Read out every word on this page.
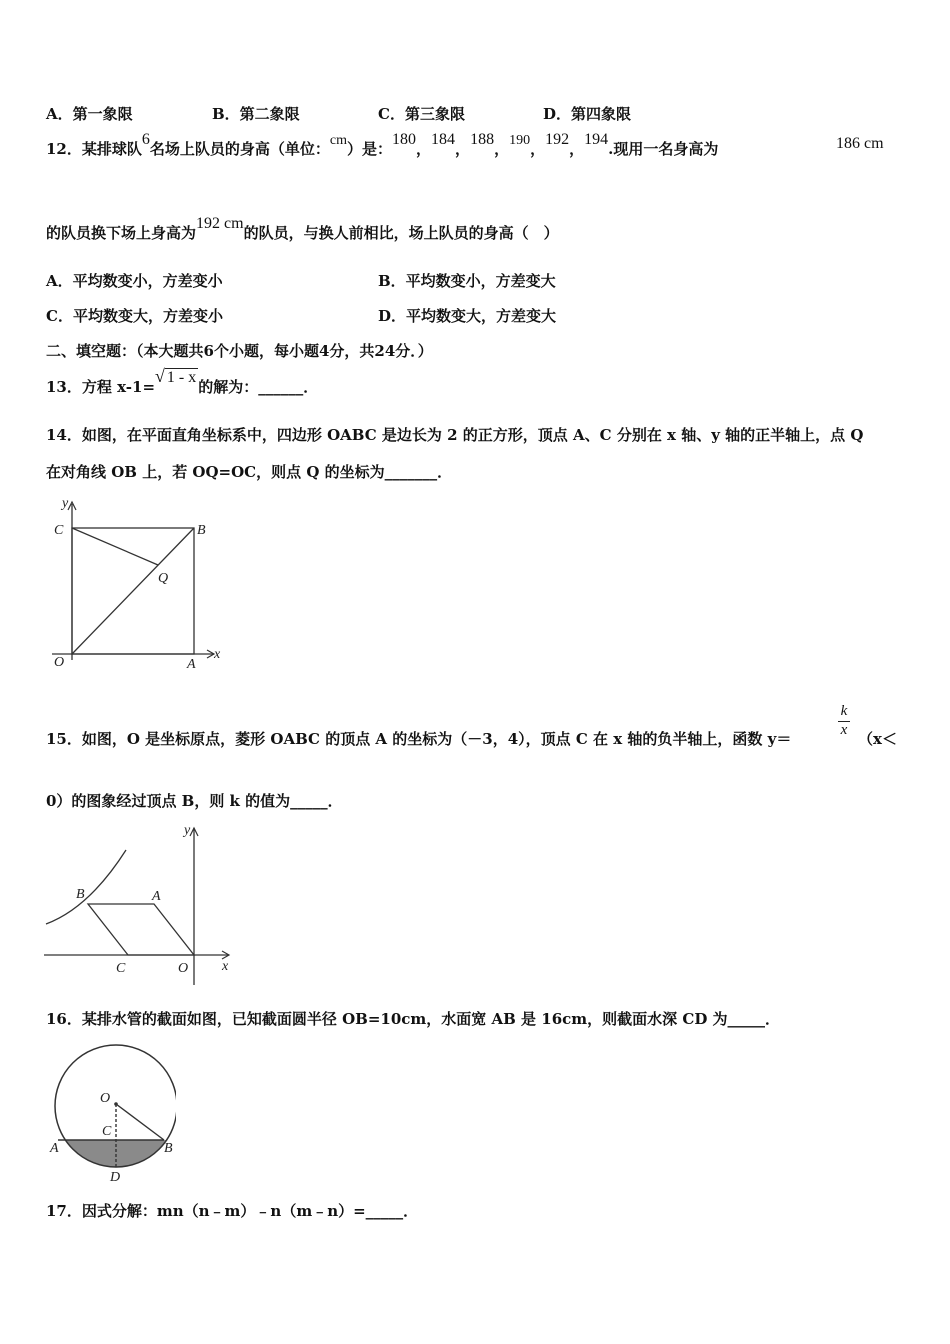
A．第一象限	B．第二象限	C．第三象限	D．第四象限
12．某排球队6名场上队员的身高（单位：cm）是：180，184，188，190，192，194.现用一名身高为	186 cm
的队员换下场上身高为192 cm的队员，与换人前相比，场上队员的身高（　）
A．平均数变小，方差变小	B．平均数变小，方差变大
C．平均数变大，方差变小	D．平均数变大，方差变大
二、填空题：（本大题共6个小题，每小题4分，共24分．）
13．方程 x-1=√ 1 - x的解为：______．
14．如图，在平面直角坐标系中，四边形 OABC 是边长为 2 的正方形，顶点 A、C 分别在 x 轴、y 轴的正半轴上，点 Q
在对角线 OB 上，若 OQ=OC，则点 Q 的坐标为_______．
y
x
C	B
Q
O	A
15．如图，O 是坐标原点，菱形 OABC 的顶点 A 的坐标为（－3，4），顶点 C 在 x 轴的负半轴上，函数 y＝	$\frac{k}{x} (x<$
0）的图象经过顶点 B，则 k 的值为_____．
y
x
B	A
C	O
16．某排水管的截面如图，已知截面圆半径 OB=10cm，水面宽 AB 是 16cm，则截面水深 CD 为_____．
O
C
A	B
D
17．因式分解：mn（n﹣m）﹣n（m﹣n）=_____．
